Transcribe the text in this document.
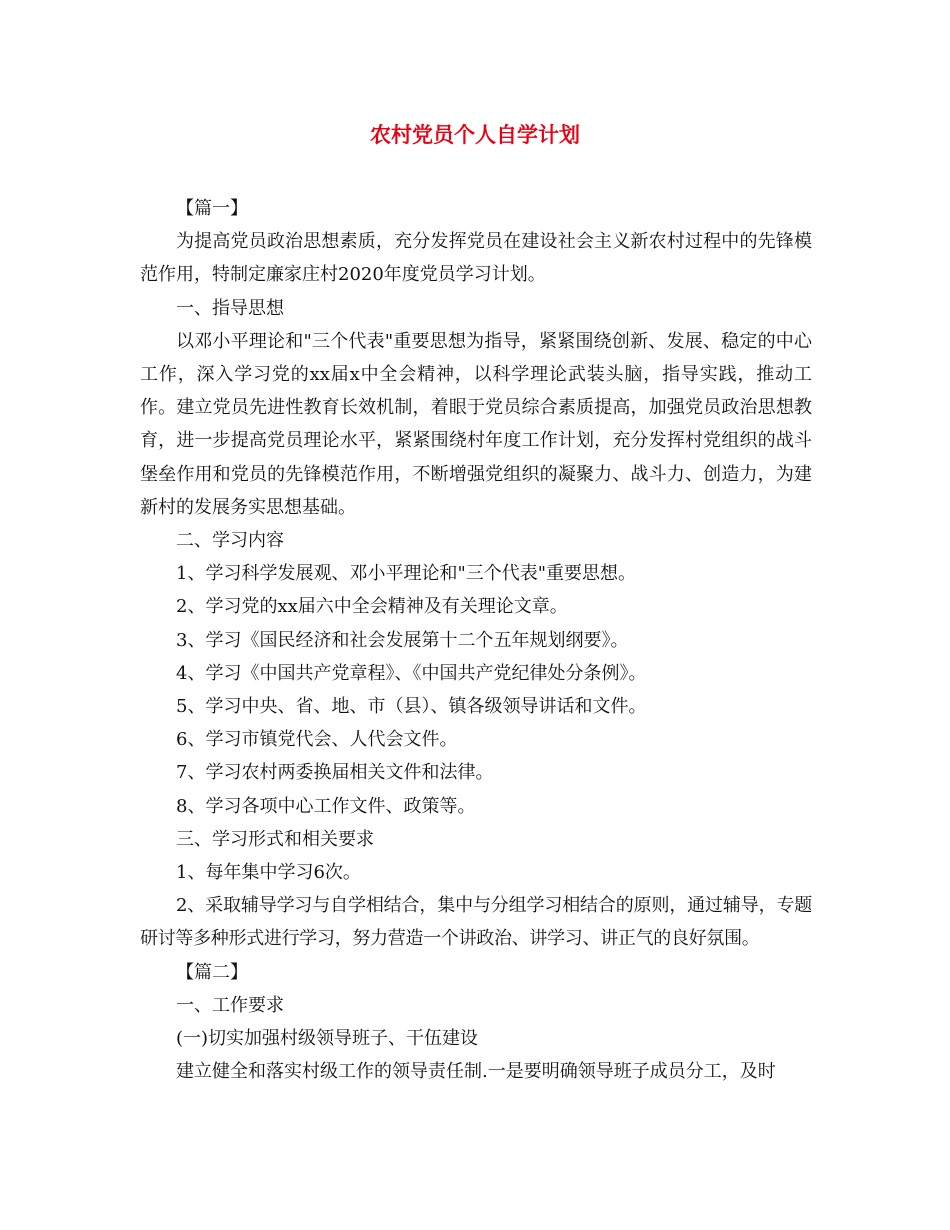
农村党员个人自学计划

【篇一】

为提高党员政治思想素质，充分发挥党员在建设社会主义新农村过程中的先锋模范作用，特制定廉家庄村2020年度党员学习计划。

一、指导思想

以邓小平理论和"三个代表"重要思想为指导，紧紧围绕创新、发展、稳定的中心工作，深入学习党的xx届x中全会精神，以科学理论武装头脑，指导实践，推动工作。建立党员先进性教育长效机制，着眼于党员综合素质提高，加强党员政治思想教育，进一步提高党员理论水平，紧紧围绕村年度工作计划，充分发挥村党组织的战斗堡垒作用和党员的先锋模范作用，不断增强党组织的凝聚力、战斗力、创造力，为建新村的发展务实思想基础。

二、学习内容

1、学习科学发展观、邓小平理论和"三个代表"重要思想。

2、学习党的xx届六中全会精神及有关理论文章。

3、学习《国民经济和社会发展第十二个五年规划纲要》。

4、学习《中国共产党章程》、《中国共产党纪律处分条例》。

5、学习中央、省、地、市（县）、镇各级领导讲话和文件。

6、学习市镇党代会、人代会文件。

7、学习农村两委换届相关文件和法律。

8、学习各项中心工作文件、政策等。

三、学习形式和相关要求

1、每年集中学习6次。

2、采取辅导学习与自学相结合，集中与分组学习相结合的原则，通过辅导，专题研讨等多种形式进行学习，努力营造一个讲政治、讲学习、讲正气的良好氛围。

【篇二】

一、工作要求

(一)切实加强村级领导班子、干伍建设

建立健全和落实村级工作的领导责任制.一是要明确领导班子成员分工，及时
